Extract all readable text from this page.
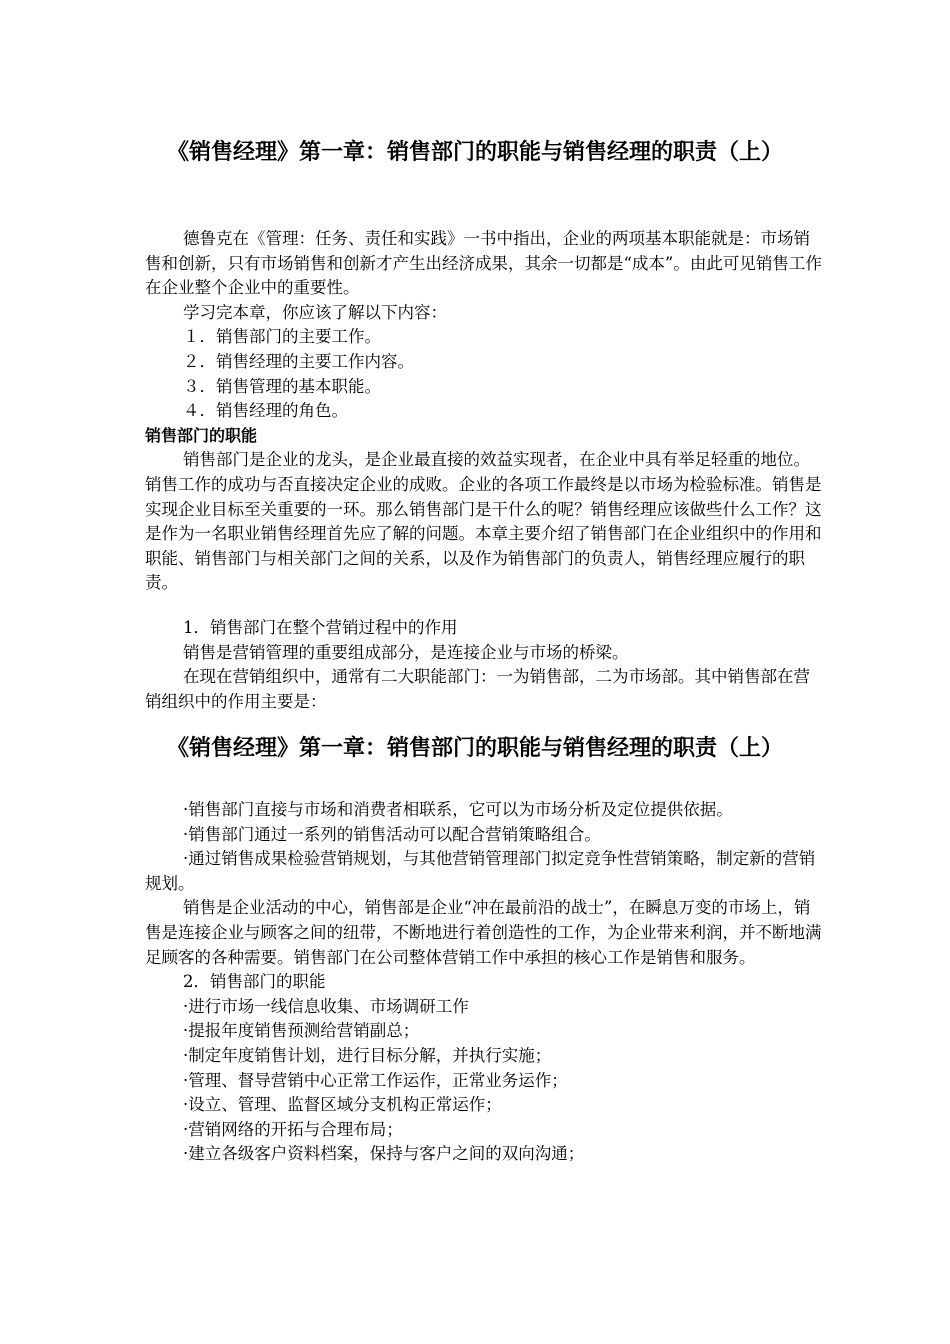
《销售经理》第一章：销售部门的职能与销售经理的职责（上）

德鲁克在《管理：任务、责任和实践》一书中指出，企业的两项基本职能就是：市场销售和创新，只有市场销售和创新才产生出经济成果，其余一切都是“成本”。由此可见销售工作在企业整个企业中的重要性。

学习完本章，你应该了解以下内容：

１．销售部门的主要工作。

２．销售经理的主要工作内容。

３．销售管理的基本职能。

４．销售经理的角色。

销售部门的职能

销售部门是企业的龙头，是企业最直接的效益实现者，在企业中具有举足轻重的地位。销售工作的成功与否直接决定企业的成败。企业的各项工作最终是以市场为检验标准。销售是实现企业目标至关重要的一环。那么销售部门是干什么的呢？销售经理应该做些什么工作？这是作为一名职业销售经理首先应了解的问题。本章主要介绍了销售部门在企业组织中的作用和职能、销售部门与相关部门之间的关系，以及作为销售部门的负责人，销售经理应履行的职责。

1．销售部门在整个营销过程中的作用

销售是营销管理的重要组成部分，是连接企业与市场的桥梁。

在现在营销组织中，通常有二大职能部门：一为销售部，二为市场部。其中销售部在营销组织中的作用主要是：

《销售经理》第一章：销售部门的职能与销售经理的职责（上）

·销售部门直接与市场和消费者相联系，它可以为市场分析及定位提供依据。

·销售部门通过一系列的销售活动可以配合营销策略组合。

·通过销售成果检验营销规划，与其他营销管理部门拟定竞争性营销策略，制定新的营销规划。

销售是企业活动的中心，销售部是企业“冲在最前沿的战士”，在瞬息万变的市场上，销售是连接企业与顾客之间的纽带，不断地进行着创造性的工作，为企业带来利润，并不断地满足顾客的各种需要。销售部门在公司整体营销工作中承担的核心工作是销售和服务。

2．销售部门的职能

·进行市场一线信息收集、市场调研工作

·提报年度销售预测给营销副总；

·制定年度销售计划，进行目标分解，并执行实施；

·管理、督导营销中心正常工作运作，正常业务运作；

·设立、管理、监督区域分支机构正常运作；

·营销网络的开拓与合理布局；

·建立各级客户资料档案，保持与客户之间的双向沟通；
